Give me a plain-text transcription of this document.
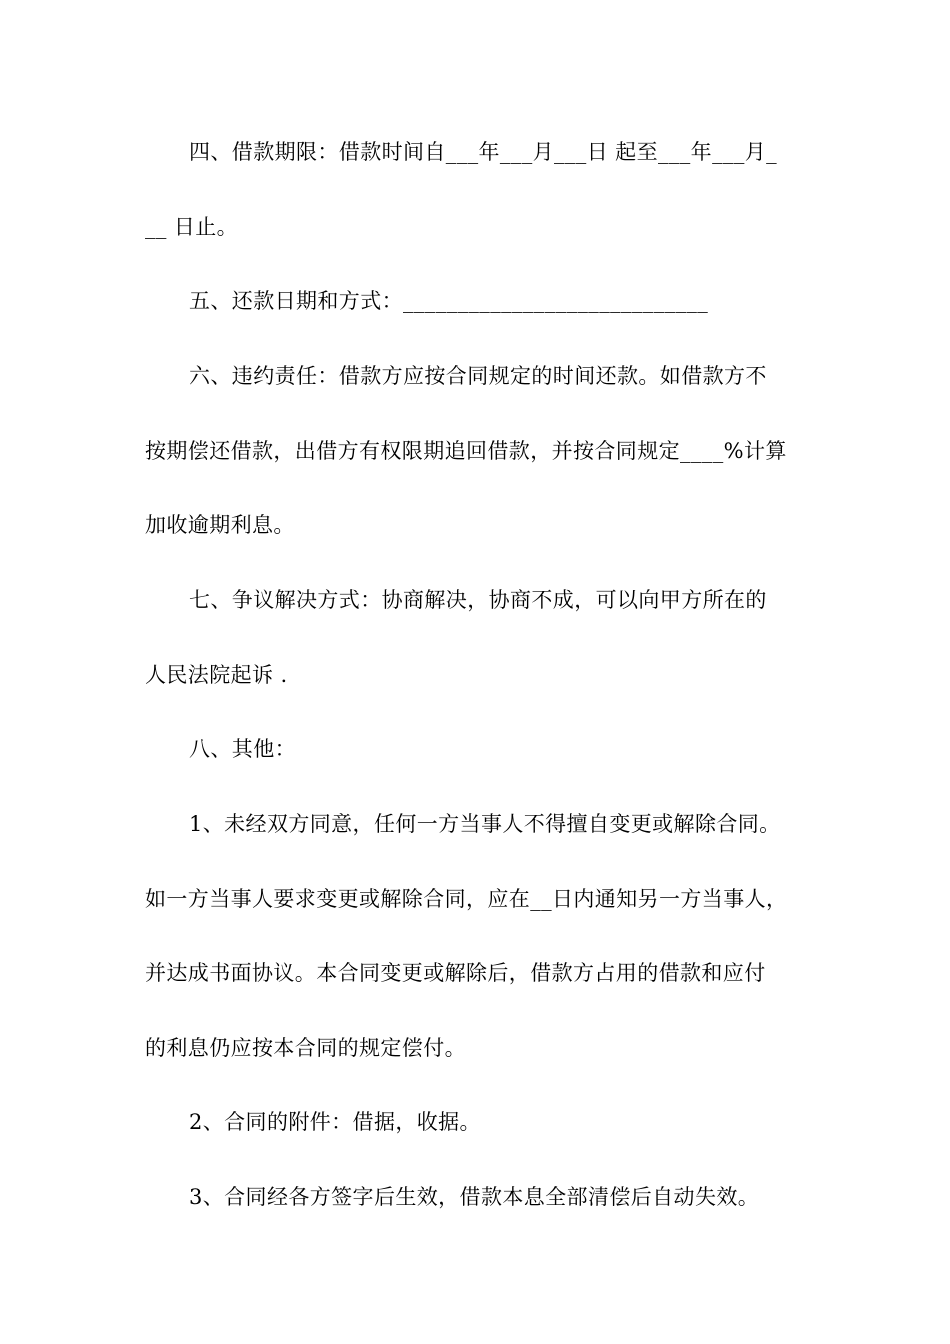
四、借款期限：借款时间自___年___月___日 起至___年___月_
__ 日止。
五、还款日期和方式：____________________________
六、违约责任：借款方应按合同规定的时间还款。如借款方不
按期偿还借款，出借方有权限期追回借款，并按合同规定____%计算
加收逾期利息。
七、争议解决方式：协商解决，协商不成，可以向甲方所在的
人民法院起诉 .
八、其他：
1、未经双方同意，任何一方当事人不得擅自变更或解除合同。
如一方当事人要求变更或解除合同，应在__日内通知另一方当事人，
并达成书面协议。本合同变更或解除后，借款方占用的借款和应付
的利息仍应按本合同的规定偿付。
2、合同的附件：借据，收据。
3、合同经各方签字后生效，借款本息全部清偿后自动失效。
